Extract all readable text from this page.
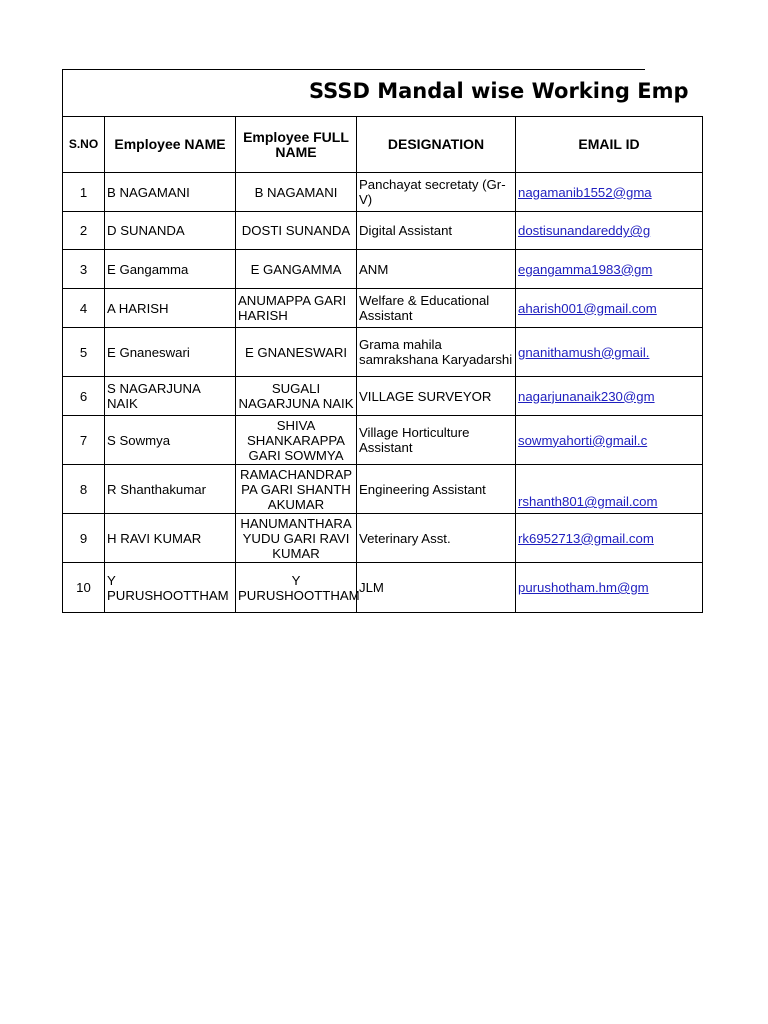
SSSD Mandal wise Working Emp
S.NO	Employee NAME	Employee FULL NAME	DESIGNATION	EMAIL ID
1	B NAGAMANI	B NAGAMANI	Panchayat secretaty (Gr-V)	nagamanib1552@gma
2	D SUNANDA	DOSTI SUNANDA	Digital Assistant	dostisunandareddy@g
3	E Gangamma	E GANGAMMA	ANM	egangamma1983@gm
4	A HARISH	ANUMAPPA GARI HARISH	Welfare & Educational Assistant	aharish001@gmail.com
5	E Gnaneswari	E GNANESWARI	Grama mahila samrakshana Karyadarshi	gnanithamush@gmail.
6	S NAGARJUNA NAIK	SUGALI NAGARJUNA NAIK	VILLAGE SURVEYOR	nagarjunanaik230@gm
7	S Sowmya	SHIVA SHANKARAPPA GARI SOWMYA	Village Horticulture Assistant	sowmyahorti@gmail.c
8	R Shanthakumar	RAMACHANDRAPPA GARI SHANTHAKUMAR	Engineering Assistant	rshanth801@gmail.com
9	H RAVI KUMAR	HANUMANTHARAYUDU GARI RAVI KUMAR	Veterinary Asst.	rk6952713@gmail.com
10	Y PURUSHOOTTHAM	Y PURUSHOOTTHAM	JLM	purushotham.hm@gm
